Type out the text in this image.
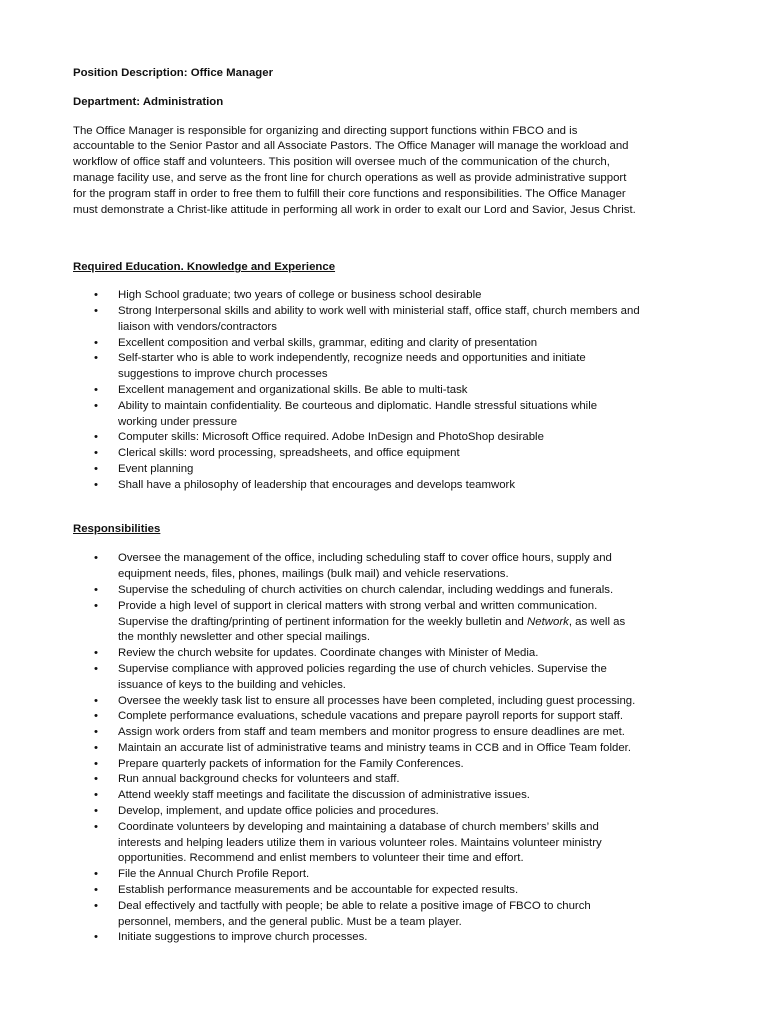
Position Description: Office Manager

Department: Administration

The Office Manager is responsible for organizing and directing support functions within FBCO and is
accountable to the Senior Pastor and all Associate Pastors. The Office Manager will manage the workload and
workflow of office staff and volunteers. This position will oversee much of the communication of the church,
manage facility use, and serve as the front line for church operations as well as provide administrative support
for the program staff in order to free them to fulfill their core functions and responsibilities. The Office Manager
must demonstrate a Christ-like attitude in performing all work in order to exalt our Lord and Savior, Jesus Christ.

Required Education. Knowledge and Experience

• High School graduate; two years of college or business school desirable
• Strong Interpersonal skills and ability to work well with ministerial staff, office staff, church members and
liaison with vendors/contractors
• Excellent composition and verbal skills, grammar, editing and clarity of presentation
• Self-starter who is able to work independently, recognize needs and opportunities and initiate
suggestions to improve church processes
• Excellent management and organizational skills. Be able to multi-task
• Ability to maintain confidentiality. Be courteous and diplomatic. Handle stressful situations while
working under pressure
• Computer skills: Microsoft Office required. Adobe InDesign and PhotoShop desirable
• Clerical skills: word processing, spreadsheets, and office equipment
• Event planning
• Shall have a philosophy of leadership that encourages and develops teamwork

Responsibilities

• Oversee the management of the office, including scheduling staff to cover office hours, supply and
equipment needs, files, phones, mailings (bulk mail) and vehicle reservations.
• Supervise the scheduling of church activities on church calendar, including weddings and funerals.
• Provide a high level of support in clerical matters with strong verbal and written communication.
Supervise the drafting/printing of pertinent information for the weekly bulletin and Network, as well as
the monthly newsletter and other special mailings.
• Review the church website for updates. Coordinate changes with Minister of Media.
• Supervise compliance with approved policies regarding the use of church vehicles. Supervise the
issuance of keys to the building and vehicles.
• Oversee the weekly task list to ensure all processes have been completed, including guest processing.
• Complete performance evaluations, schedule vacations and prepare payroll reports for support staff.
• Assign work orders from staff and team members and monitor progress to ensure deadlines are met.
• Maintain an accurate list of administrative teams and ministry teams in CCB and in Office Team folder.
• Prepare quarterly packets of information for the Family Conferences.
• Run annual background checks for volunteers and staff.
• Attend weekly staff meetings and facilitate the discussion of administrative issues.
• Develop, implement, and update office policies and procedures.
• Coordinate volunteers by developing and maintaining a database of church members’ skills and
interests and helping leaders utilize them in various volunteer roles. Maintains volunteer ministry
opportunities. Recommend and enlist members to volunteer their time and effort.
• File the Annual Church Profile Report.
• Establish performance measurements and be accountable for expected results.
• Deal effectively and tactfully with people; be able to relate a positive image of FBCO to church
personnel, members, and the general public. Must be a team player.
• Initiate suggestions to improve church processes.
